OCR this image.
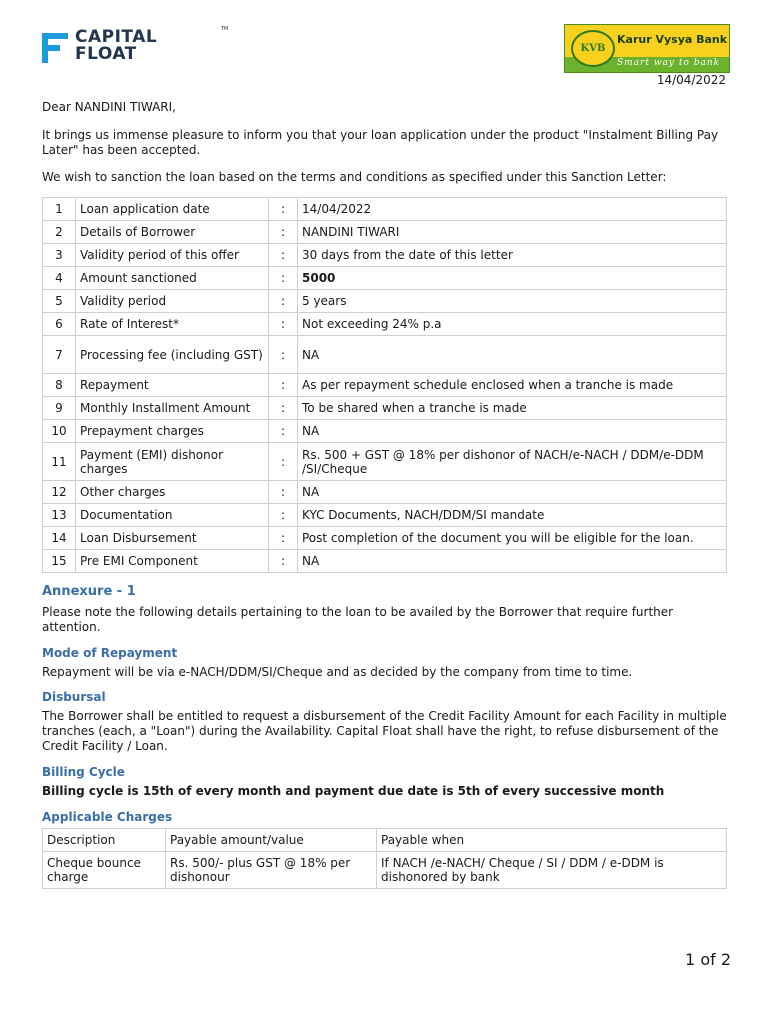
CAPITAL
FLOAT
TM
KVB
Karur Vysya Bank
Smart way to bank
14/04/2022
Dear NANDINI TIWARI,
It brings us immense pleasure to inform you that your loan application under the product "Instalment Billing Pay Later" has been accepted.
We wish to sanction the loan based on the terms and conditions as specified under this Sanction Letter:
1	Loan application date	:	14/04/2022
2	Details of Borrower	:	NANDINI TIWARI
3	Validity period of this offer	:	30 days from the date of this letter
4	Amount sanctioned	:	5000
5	Validity period	:	5 years
6	Rate of Interest*	:	Not exceeding 24% p.a
7	Processing fee (including GST)	:	NA
8	Repayment	:	As per repayment schedule enclosed when a tranche is made
9	Monthly Installment Amount	:	To be shared when a tranche is made
10	Prepayment charges	:	NA
11	Payment (EMI) dishonor charges	:	Rs. 500 + GST @ 18% per dishonor of NACH/e-NACH / DDM/e-DDM /SI/Cheque
12	Other charges	:	NA
13	Documentation	:	KYC Documents, NACH/DDM/SI mandate
14	Loan Disbursement	:	Post completion of the document you will be eligible for the loan.
15	Pre EMI Component	:	NA
Annexure - 1
Please note the following details pertaining to the loan to be availed by the Borrower that require further attention.
Mode of Repayment
Repayment will be via e-NACH/DDM/SI/Cheque and as decided by the company from time to time.
Disbursal
The Borrower shall be entitled to request a disbursement of the Credit Facility Amount for each Facility in multiple tranches (each, a "Loan") during the Availability. Capital Float shall have the right, to refuse disbursement of the Credit Facility / Loan.
Billing Cycle
Billing cycle is 15th of every month and payment due date is 5th of every successive month
Applicable Charges
Description	Payable amount/value	Payable when
Cheque bounce charge	Rs. 500/- plus GST @ 18% per dishonour	If NACH /e-NACH/ Cheque / SI / DDM / e-DDM is dishonored by bank
1 of 2
